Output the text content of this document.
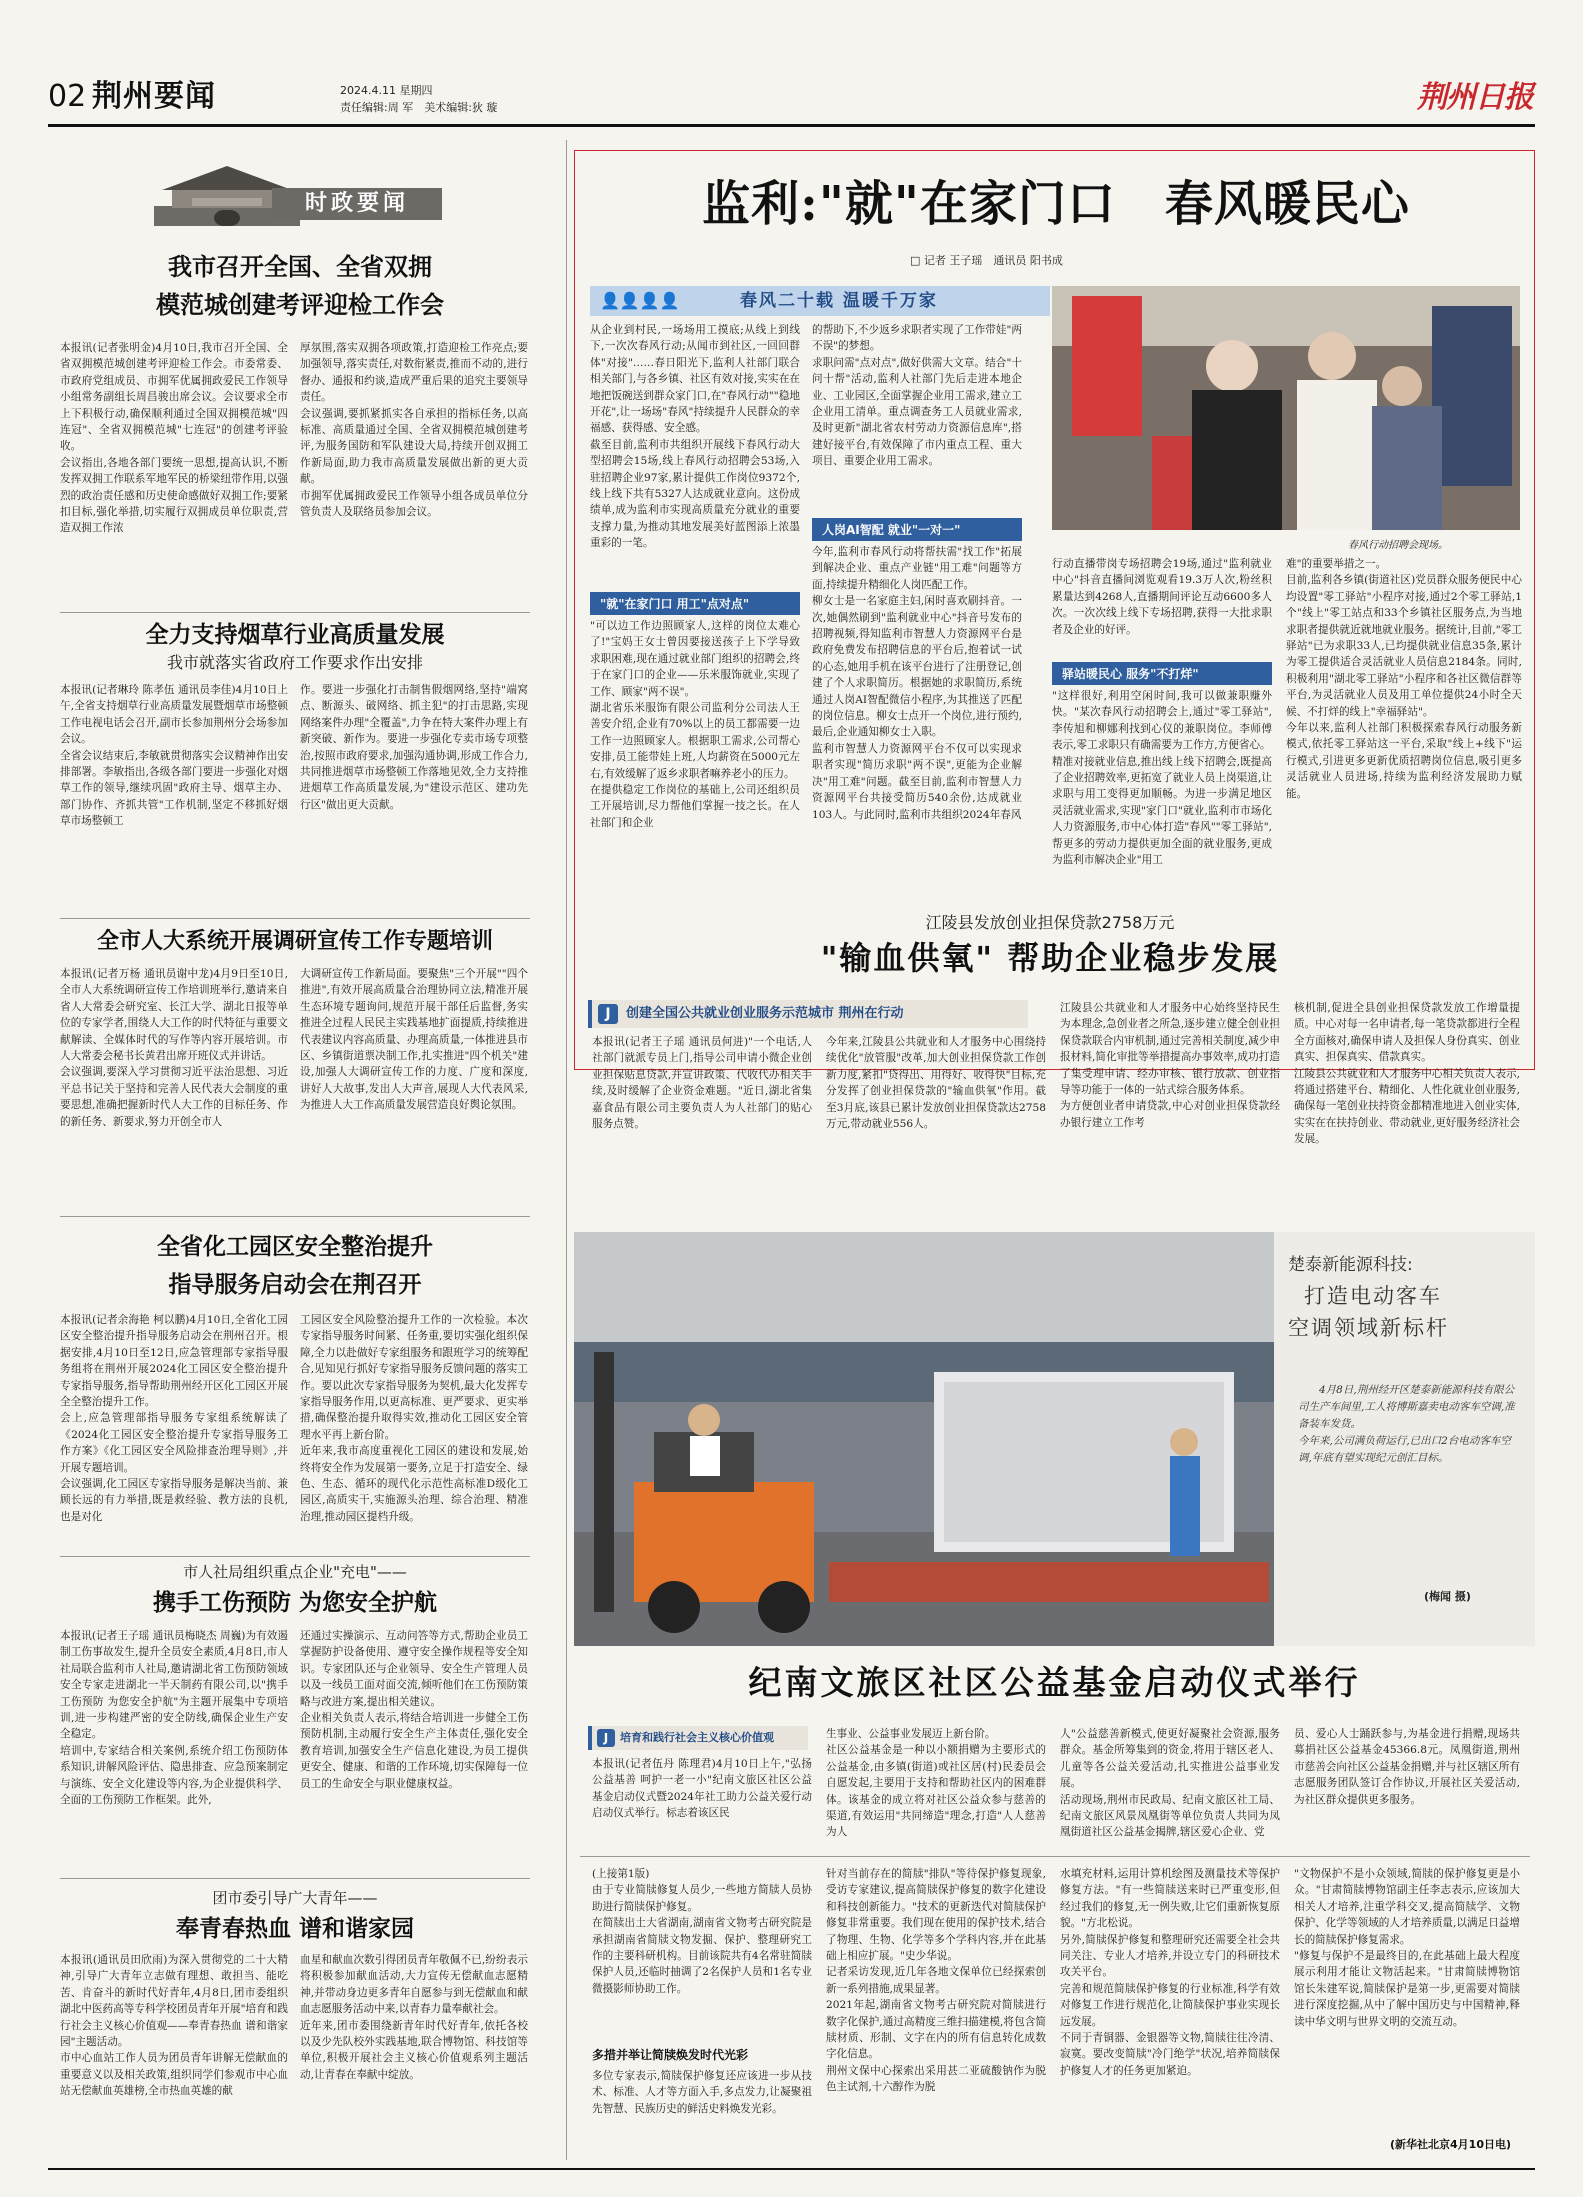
02 荆州要闻	2024.4.11 星期四
责任编辑:周 军　美术编辑:狄 璇	荆州日报
时政要闻
我市召开全国、全省双拥
模范城创建考评迎检工作会
本报讯(记者张明金)4月10日,我市召开全国、全省双拥模范城创建考评迎检工作会。市委常委、市政府党组成员、市拥军优属拥政爱民工作领导小组常务副组长周昌骏出席会议。会议要求全市上下积极行动,确保顺利通过全国双拥模范城"四连冠"、全省双拥模范城"七连冠"的创建考评验收。
会议指出,各地各部门要统一思想,提高认识,不断发挥双拥工作联系军地军民的桥梁纽带作用,以强烈的政治责任感和历史使命感做好双拥工作;要紧扣目标,强化举措,切实履行双拥成员单位职责,营造双拥工作浓
厚氛围,落实双拥各项政策,打造迎检工作亮点;要加强领导,落实责任,对数衔紧责,推而不动的,进行督办、通报和约谈,造成严重后果的追究主要领导责任。
会议强调,要抓紧抓实各自承担的指标任务,以高标准、高质量通过全国、全省双拥模范城创建考评,为服务国防和军队建设大局,持续开创双拥工作新局面,助力我市高质量发展做出新的更大贡献。
市拥军优属拥政爱民工作领导小组各成员单位分管负责人及联络员参加会议。
全力支持烟草行业高质量发展
我市就落实省政府工作要求作出安排
本报讯(记者琳玲 陈孝伍 通讯员李佳)4月10日上午,全省支持烟草行业高质量发展暨烟草市场整顿工作电视电话会召开,副市长参加荆州分会场参加会议。
全省会议结束后,李敏就贯彻落实会议精神作出安排部署。李敏指出,各级各部门要进一步强化对烟草工作的领导,继续巩固"政府主导、烟草主办、部门协作、齐抓共管"工作机制,坚定不移抓好烟草市场整顿工
作。要进一步强化打击制售假烟网络,坚持"端窝点、断源头、破网络、抓主犯"的打击思路,实现网络案件办理"全覆盖",力争在特大案件办理上有新突破、新作为。要进一步强化专卖市场专项整治,按照市政府要求,加强沟通协调,形成工作合力,共同推进烟草市场整顿工作落地见效,全力支持推进烟草工作高质量发展,为"建设示范区、建功先行区"做出更大贡献。
全市人大系统开展调研宣传工作专题培训
本报讯(记者万杨 通讯员谢中龙)4月9日至10日,全市人大系统调研宣传工作培训班举行,邀请来自省人大常委会研究室、长江大学、湖北日报等单位的专家学者,围绕人大工作的时代特征与重要文献解读、全媒体时代的写作等内容开展培训。市人大常委会秘书长黄君出席开班仪式并讲话。
会议强调,要深入学习贯彻习近平法治思想、习近平总书记关于坚持和完善人民代表大会制度的重要思想,准确把握新时代人大工作的目标任务、作的新任务、新要求,努力开创全市人
大调研宣传工作新局面。要聚焦"三个开展""四个推进",有效开展高质量合治理协同立法,精准开展生态环境专题询问,规范开展干部任后监督,务实推进全过程人民民主实践基地扩面提质,持续推进代表建议内容高质量、办理高质量,一体推进县市区、乡镇街道票决制工作,扎实推进"四个机关"建设,加强人大调研宣传工作的力度、广度和深度,讲好人大故事,发出人大声音,展现人大代表风采,为推进人大工作高质量发展营造良好舆论氛围。
全省化工园区安全整治提升
指导服务启动会在荆召开
本报讯(记者余海艳 柯以鹏)4月10日,全省化工园区安全整治提升指导服务启动会在荆州召开。根据安排,4月10日至12日,应急管理部专家指导服务组将在荆州开展2024化工园区安全整治提升专家指导服务,指导帮助荆州经开区化工园区开展全全整治提升工作。
会上,应急管理部指导服务专家组系统解读了《2024化工园区安全整治提升专家指导服务工作方案》《化工园区安全风险排查治理导则》,并开展专题培训。
会议强调,化工园区专家指导服务是解决当前、兼顾长远的有力举措,既是救经验、教方法的良机,也是对化
工园区安全风险整治提升工作的一次检验。本次专家指导服务时间紧、任务重,要切实强化组织保障,全力以赴做好专家组服务和跟班学习的统筹配合,见知见行抓好专家指导服务反馈问题的落实工作。要以此次专家指导服务为契机,最大化发挥专家指导服务作用,以更高标准、更严要求、更实举措,确保整治提升取得实效,推动化工园区安全管理水平再上新台阶。
近年来,我市高度重视化工园区的建设和发展,始终将安全作为发展第一要务,立足于打造安全、绿色、生态、循环的现代化示范性高标准D级化工园区,高质实干,实施源头治理、综合治理、精准治理,推动园区提档升级。
市人社局组织重点企业"充电"——
携手工伤预防 为您安全护航
本报讯(记者王子瑶 通讯员梅晓杰 周巍)为有效遏制工伤事故发生,提升全员安全素质,4月8日,市人社局联合监利市人社局,邀请湖北省工伤预防领域安全专家走进湖北一半天制药有限公司,以"携手工伤预防 为您安全护航"为主题开展集中专项培训,进一步构建严密的安全防线,确保企业生产安全稳定。
培训中,专家结合相关案例,系统介绍工伤预防体系知识,讲解风险评估、隐患排查、应急预案制定与演练、安全文化建设等内容,为企业提供科学、全面的工伤预防工作框架。此外,
还通过实操演示、互动问答等方式,帮助企业员工掌握防护设备使用、遵守安全操作规程等安全知识。专家团队还与企业领导、安全生产管理人员以及一线员工面对面交流,倾听他们在工伤预防策略与改进方案,提出相关建议。
企业相关负责人表示,将结合培训进一步健全工伤预防机制,主动履行安全生产主体责任,强化安全教育培训,加强安全生产信息化建设,为员工提供更安全、健康、和谐的工作环境,切实保障每一位员工的生命安全与职业健康权益。
团市委引导广大青年——
奉青春热血 谱和谐家园
本报讯(通讯员田欣雨)为深入贯彻党的二十大精神,引导广大青年立志做有理想、敢担当、能吃苦、肯奋斗的新时代好青年,4月8日,团市委组织湖北中医药高等专科学校团员青年开展"培育和践行社会主义核心价值观——奉青春热血 谱和谐家园"主题活动。
市中心血站工作人员为团员青年讲解无偿献血的重要意义以及相关政策,组织同学们参观市中心血站无偿献血英雄榜,全市热血英雄的献
血星和献血次数引得团员青年敬佩不已,纷纷表示将积极参加献血活动,大力宣传无偿献血志愿精神,并带动身边更多青年自愿参与到无偿献血和献血志愿服务活动中来,以青春力量奉献社会。
近年来,团市委围绕新青年时代好青年,依托各校以及少先队校外实践基地,联合博物馆、科技馆等单位,积极开展社会主义核心价值观系列主题活动,让青春在奉献中绽放。
监利:"就"在家门口　春风暖民心
□ 记者 王子瑶　通讯员 阳书成
👤👤👤👤	春风二十载 温暖千万家
从企业到村民,一场场用工摸底;从线上到线下,一次次春风行动;从闻市到社区,一回回群体"对接"……春日阳光下,监利人社部门联合相关部门,与各乡镇、社区有效对接,实实在在地把饭碗送到群众家门口,在"春风行动""稳地开花",让一场场"春风"持续提升人民群众的幸福感、获得感、安全感。
截至目前,监利市共组织开展线下春风行动大型招聘会15场,线上春风行动招聘会53场,入驻招聘企业97家,累计提供工作岗位9372个,线上线下共有5327人达成就业意向。这份成绩单,成为监利市实现高质量充分就业的重要支撑力量,为推动其地发展美好蓝图添上浓墨重彩的一笔。
"就"在家门口 用工"点对点"
"可以边工作边照顾家人,这样的岗位太难心了!"宝妈王女士曾因要接送孩子上下学导致求职困难,现在通过就业部门组织的招聘会,终于在家门口的企业——乐米服饰就业,实现了工作、顾家"两不误"。
湖北省乐米服饰有限公司监利分公司法人王善安介绍,企业有70%以上的员工都需要一边工作一边照顾家人。根据职工需求,公司帮心安排,员工能带娃上班,人均薪资在5000元左右,有效缓解了返乡求职者嘛养老小的压力。
在提供稳定工作岗位的基础上,公司还组织员工开展培训,尽力帮他们掌握一技之长。在人社部门和企业
的帮助下,不少返乡求职者实现了工作带娃"两不误"的梦想。
求职问需"点对点",做好供需大文章。结合"十问十帮"活动,监利人社部门先后走进本地企业、工业园区,全面掌握企业用工需求,建立工企业用工清单。重点调查务工人员就业需求,及时更新"湖北省农村劳动力资源信息库",搭建好接平台,有效保障了市内重点工程、重大项目、重要企业用工需求。
人岗AI智配 就业"一对一"
今年,监利市春风行动将帮扶需"找工作"拓展到解决企业、重点产业链"用工难"问题等方面,持续提升精细化人岗匹配工作。
柳女士是一名家庭主妇,闲时喜欢刷抖音。一次,她偶然刷到"监利就业中心"抖音号发布的招聘视频,得知监利市智慧人力资源网平台是政府免费发布招聘信息的平台后,抱着试一试的心态,她用手机在该平台进行了注册登记,创建了个人求职简历。根据她的求职简历,系统通过人岗AI智配微信小程序,为其推送了匹配的岗位信息。柳女士点开一个岗位,进行预约,最后,企业通知柳女士入职。
监利市智慧人力资源网平台不仅可以实现求职者实现"简历求职"两不误",更能为企业解决"用工难"问题。截至目前,监利市智慧人力资源网平台共接受简历540余份,达成就业103人。与此同时,监利市共组织2024年春风
春风行动招聘会现场。
行动直播带岗专场招聘会19场,通过"监利就业中心"抖音直播间浏览观看19.3万人次,粉丝积累量达到4268人,直播期间评论互动6600多人次。一次次线上线下专场招聘,获得一大批求职者及企业的好评。
驿站暖民心 服务"不打烊"
"这样很好,利用空闲时间,我可以做兼职赚外快。"某次春风行动招聘会上,通过"零工驿站",李传旭和柳娜利找到心仪的兼职岗位。李师傅表示,零工求职只有确需要为工作方,方便省心。
精准对接就业信息,推出线上线下招聘会,既提高了企业招聘效率,更拓宽了就业人员上岗渠道,让求职与用工变得更加顺畅。为进一步满足地区灵活就业需求,实现"家门口"就业,监利市市场化人力资源服务,市中心体打造"春风""零工驿站",帮更多的劳动力提供更加全面的就业服务,更成为监利市解决企业"用工
难"的重要举措之一。
目前,监利各乡镇(街道社区)党员群众服务便民中心均设置"零工驿站"小程序对接,通过2个零工驿站,1个"线上"零工站点和33个乡镇社区服务点,为当地求职者提供就近就地就业服务。据统计,目前,"零工驿站"已为求职33人,已均提供就业信息35条,累计为零工提供适合灵活就业人员信息2184条。同时,积极利用"湖北零工驿站"小程序和各社区微信群等平台,为灵活就业人员及用工单位提供24小时全天候、不打烊的线上"幸福驿站"。
今年以来,监利人社部门积极探索春风行动服务新模式,依托零工驿站这一平台,采取"线上+线下"运行模式,引进更多更新优质招聘岗位信息,吸引更多灵活就业人员进场,持续为监利经济发展助力赋能。
江陵县发放创业担保贷款2758万元
"输血供氧" 帮助企业稳步发展
J	创建全国公共就业创业服务示范城市 荆州在行动
本报讯(记者王子瑶 通讯员何进)"一个电话,人社部门就派专员上门,指导公司申请小微企业创业担保贴息贷款,并宣讲政策、代收代办相关手续,及时缓解了企业资金难题。"近日,湖北省集嘉食品有限公司主要负责人为人社部门的贴心服务点赞。
今年来,江陵县公共就业和人才服务中心围绕持续优化"放管服"改革,加大创业担保贷款工作创新力度,紧扣"贷得出、用得好、收得快"目标,充分发挥了创业担保贷款的"输血供氧"作用。截至3月底,该县已累计发放创业担保贷款达2758万元,带动就业556人。
江陵县公共就业和人才服务中心始终坚持民生为本理念,急创业者之所急,逐步建立健全创业担保贷款联合内审机制,通过完善相关制度,减少申报材料,简化审批等举措提高办事效率,成功打造了集受理申请、经办审核、银行放款、创业指导等功能于一体的一站式综合服务体系。
为方便创业者申请贷款,中心对创业担保贷款经办银行建立工作考
核机制,促进全县创业担保贷款发放工作增量提质。中心对每一名申请者,每一笔贷款都进行全程全方面核对,确保申请人及担保人身份真实、创业真实、担保真实、借款真实。
江陵县公共就业和人才服务中心相关负责人表示,将通过搭建平台、精细化、人性化就业创业服务,确保每一笔创业扶持资金都精准地进入创业实体,实实在在扶持创业、带动就业,更好服务经济社会发展。
楚泰新能源科技:
打造电动客车
空调领域新标杆
4月8日,荆州经开区楚泰新能源科技有限公司生产车间里,工人将博斯嘉卖电动客车空调,准备装车发货。
今年来,公司满负荷运行,已出口2台电动客车空调,年底有望实现纪元创汇目标。
(梅闻 摄)
纪南文旅区社区公益基金启动仪式举行
J	培育和践行社会主义核心价值观
本报讯(记者伍丹 陈理君)4月10日上午,"弘扬公益基善 呵护一老一小"纪南文旅区社区公益基金启动仪式暨2024年社工助力公益关爱行动启动仪式举行。标志着该区民
生事业、公益事业发展迈上新台阶。
社区公益基金是一种以小额捐赠为主要形式的公益基金,由多镇(街道)或社区居(村)民委员会自愿发起,主要用于支持和帮助社区内的困难群体。该基金的成立将对社区公益众参与慈善的渠道,有效运用"共同缔造"理念,打造"人人慈善为人
人"公益慈善新模式,使更好凝聚社会资源,服务群众。基金所筹集到的资金,将用于辖区老人、儿童等各公益关爱活动,扎实推进公益事业发展。
活动现场,荆州市民政局、纪南文旅区社工局、纪南文旅区风景凤凰街等单位负责人共同为凤凰街道社区公益基金揭牌,辖区爱心企业、党
员、爱心人士踊跃参与,为基金进行捐赠,现场共募捐社区公益基金45366.8元。凤凰街道,荆州市慈善会向社区公益基金捐赠,并与社区辖区所有志愿服务团队签订合作协议,开展社区关爱活动,为社区群众提供更多服务。
(上接第1版)
由于专业简牍修复人员少,一些地方简牍人员协助进行简牍保护修复。
在简牍出土大省湖南,湖南省文物考古研究院是承担湖南省简牍文物发掘、保护、整理研究工作的主要科研机构。目前该院共有4名常驻简牍保护人员,还临时抽调了2名保护人员和1名专业微摄影师协助工作。
多措并举让简牍焕发时代光彩
多位专家表示,简牍保护修复还应该进一步从技术、标准、人才等方面入手,多点发力,让凝聚祖先智慧、民族历史的鲜活史料焕发光彩。
针对当前存在的简牍"排队"等待保护修复现象,受访专家建议,提高简牍保护修复的数字化建设和科技创新能力。"技术的更新迭代对简牍保护修复非常重要。我们现在使用的保护技术,结合了物理、生物、化学等多个学科内容,并在此基础上相应扩展。"史少华说。
记者采访发现,近几年各地文保单位已经探索创新一系列措施,成果显著。
2021年起,湖南省文物考古研究院对简牍进行数字化保护,通过高精度三维扫描建模,将包含简牍材质、形制、文字在内的所有信息转化成数字化信息。
荆州文保中心探索出采用甚二亚硫酸钠作为脱色主试剂,十六醇作为脱
水填充材料,运用计算机绘图及测量技术等保护修复方法。"有一些简牍送来时已严重变形,但经过我们的修复,无一例失败,让它们重新恢复原貌。"方北松说。
另外,简牍保护修复和整理研究还需要全社会共同关注、专业人才培养,并设立专门的科研技术攻关平台。
完善和规范简牍保护修复的行业标准,科学有效对修复工作进行规范化,让简牍保护事业实现长远发展。
不同于青铜器、金银器等文物,简牍往往冷清、寂寞。要改变简牍"冷门绝学"状况,培养简牍保护修复人才的任务更加紧迫。
"文物保护不是小众领域,简牍的保护修复更是小众。"甘肃简牍博物馆副主任李志表示,应该加大相关人才培养,注重学科交叉,提高简牍学、文物保护、化学等领域的人才培养质量,以满足日益增长的简牍保护修复需求。
"修复与保护不是最终目的,在此基础上最大程度展示利用才能让文物活起来。"甘肃简牍博物馆馆长朱建军说,简牍保护是第一步,更需要对简牍进行深度挖掘,从中了解中国历史与中国精神,释读中华文明与世界文明的交流互动。
(新华社北京4月10日电)
